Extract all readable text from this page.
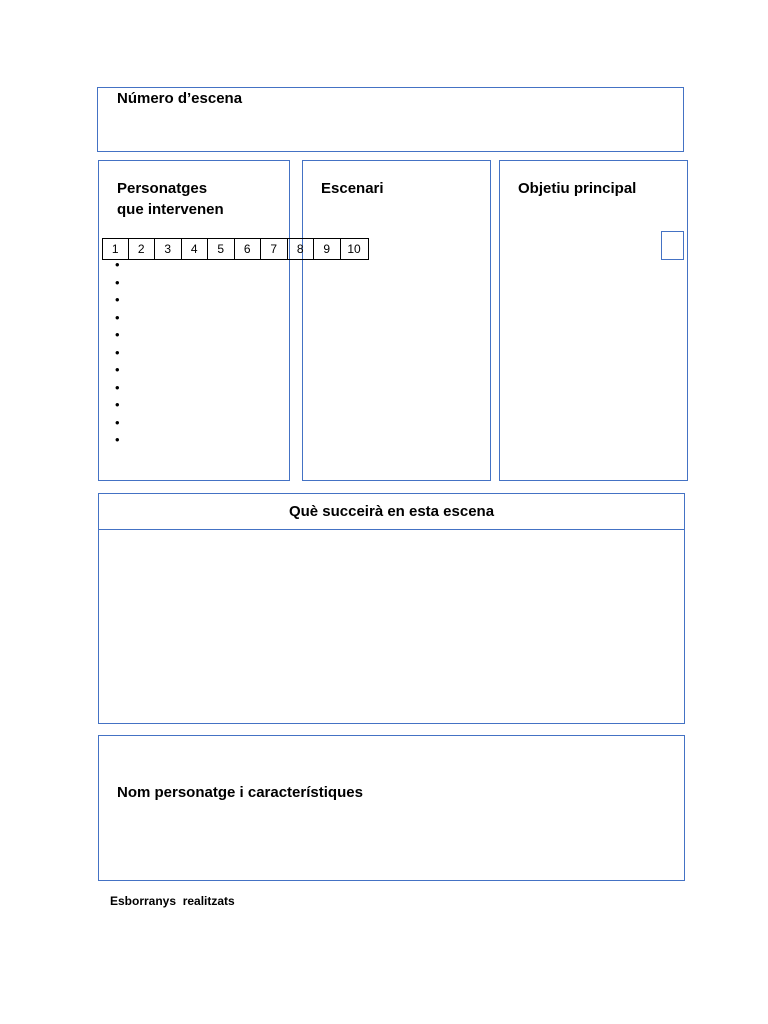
Número d’escena
Personatges
que intervenen
•
•
•
•
•
•
•
•
•
•
•
Escenari	Objetiu principal
1	2	3	4	5	6	7	8	9	10
Què succeirà en esta escena
Nom personatge i característiques
Esborranys  realitzats
